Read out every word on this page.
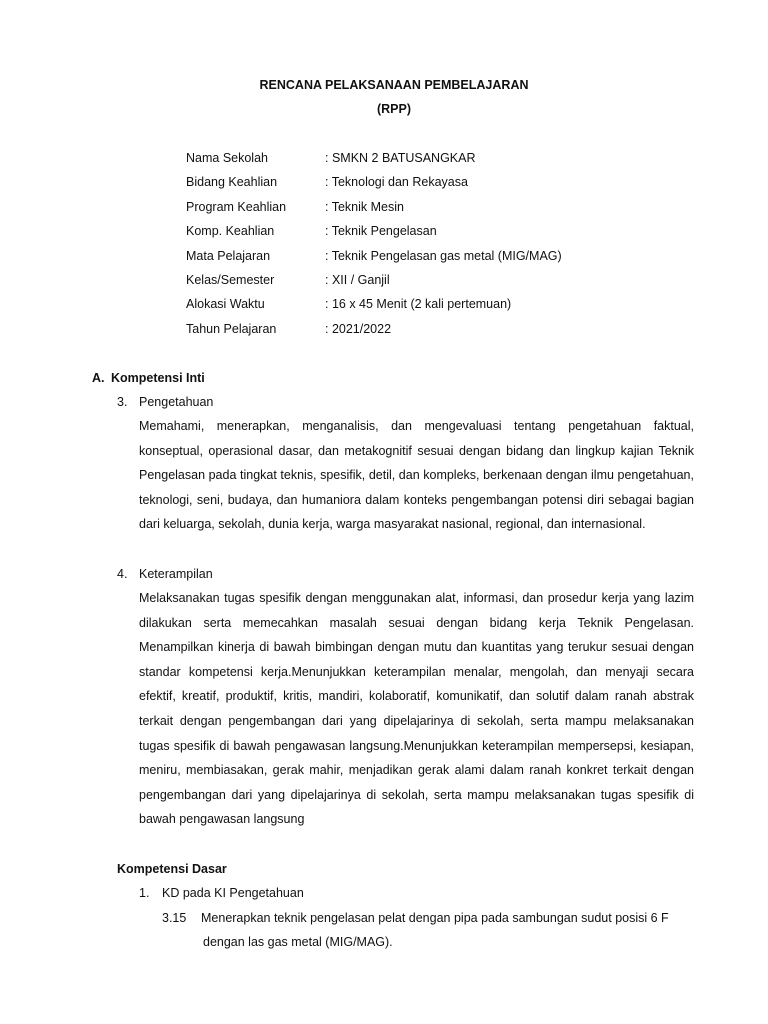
RENCANA PELAKSANAAN PEMBELAJARAN
(RPP)
Nama Sekolah	: SMKN 2 BATUSANGKAR
Bidang Keahlian	: Teknologi dan Rekayasa
Program Keahlian	: Teknik Mesin
Komp. Keahlian	: Teknik Pengelasan
Mata Pelajaran	: Teknik Pengelasan gas metal (MIG/MAG)
Kelas/Semester	: XII / Ganjil
Alokasi Waktu	: 16 x 45 Menit (2 kali pertemuan)
Tahun Pelajaran	: 2021/2022
A. Kompetensi Inti
3. Pengetahuan
Memahami, menerapkan, menganalisis, dan mengevaluasi tentang pengetahuan faktual, konseptual, operasional dasar, dan metakognitif sesuai dengan bidang dan lingkup kajian Teknik Pengelasan pada tingkat teknis, spesifik, detil, dan kompleks, berkenaan dengan ilmu pengetahuan, teknologi, seni, budaya, dan humaniora dalam konteks pengembangan potensi diri sebagai bagian dari keluarga, sekolah, dunia kerja, warga masyarakat nasional, regional, dan internasional.
4. Keterampilan
Melaksanakan tugas spesifik dengan menggunakan alat, informasi, dan prosedur kerja yang lazim dilakukan serta memecahkan masalah sesuai dengan bidang kerja Teknik Pengelasan. Menampilkan kinerja di bawah bimbingan dengan mutu dan kuantitas yang terukur sesuai dengan standar kompetensi kerja.Menunjukkan keterampilan menalar, mengolah, dan menyaji secara efektif, kreatif, produktif, kritis, mandiri, kolaboratif, komunikatif, dan solutif dalam ranah abstrak terkait dengan pengembangan dari yang dipelajarinya di sekolah, serta mampu melaksanakan tugas spesifik di bawah pengawasan langsung.Menunjukkan keterampilan mempersepsi, kesiapan, meniru, membiasakan, gerak mahir, menjadikan gerak alami dalam ranah konkret terkait dengan pengembangan dari yang dipelajarinya di sekolah, serta mampu melaksanakan tugas spesifik di bawah pengawasan langsung
Kompetensi Dasar
1. KD pada KI Pengetahuan
3.15 Menerapkan teknik pengelasan pelat dengan pipa pada sambungan sudut posisi 6 F
dengan las gas metal (MIG/MAG).
